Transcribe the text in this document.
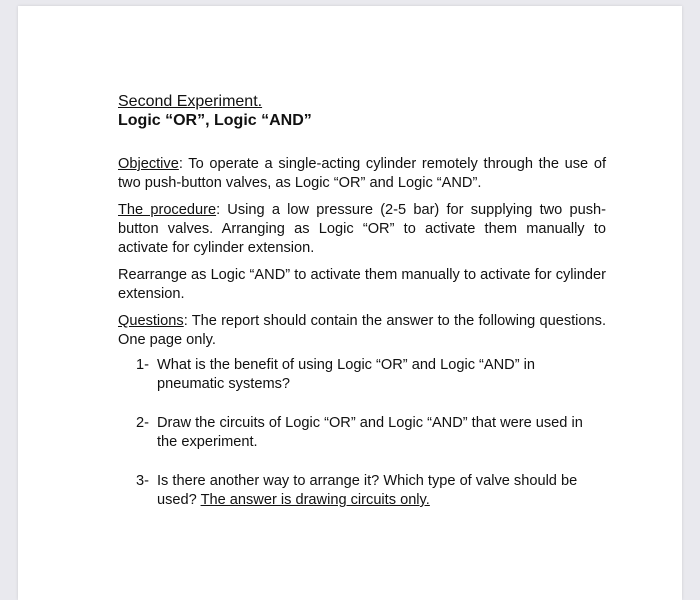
Second Experiment.

Logic “OR”, Logic “AND”

Objective: To operate a single-acting cylinder remotely through the use of two push-button valves, as Logic “OR” and Logic “AND”.

The procedure: Using a low pressure (2-5 bar) for supplying two push-button valves. Arranging as Logic “OR” to activate them manually to activate for cylinder extension.

Rearrange as Logic “AND” to activate them manually to activate for cylinder extension.

Questions: The report should contain the answer to the following questions. One page only.

1- What is the benefit of using Logic “OR” and Logic “AND” in pneumatic systems?
2- Draw the circuits of Logic “OR” and Logic “AND” that were used in the experiment.
3- Is there another way to arrange it? Which type of valve should be used? The answer is drawing circuits only.
